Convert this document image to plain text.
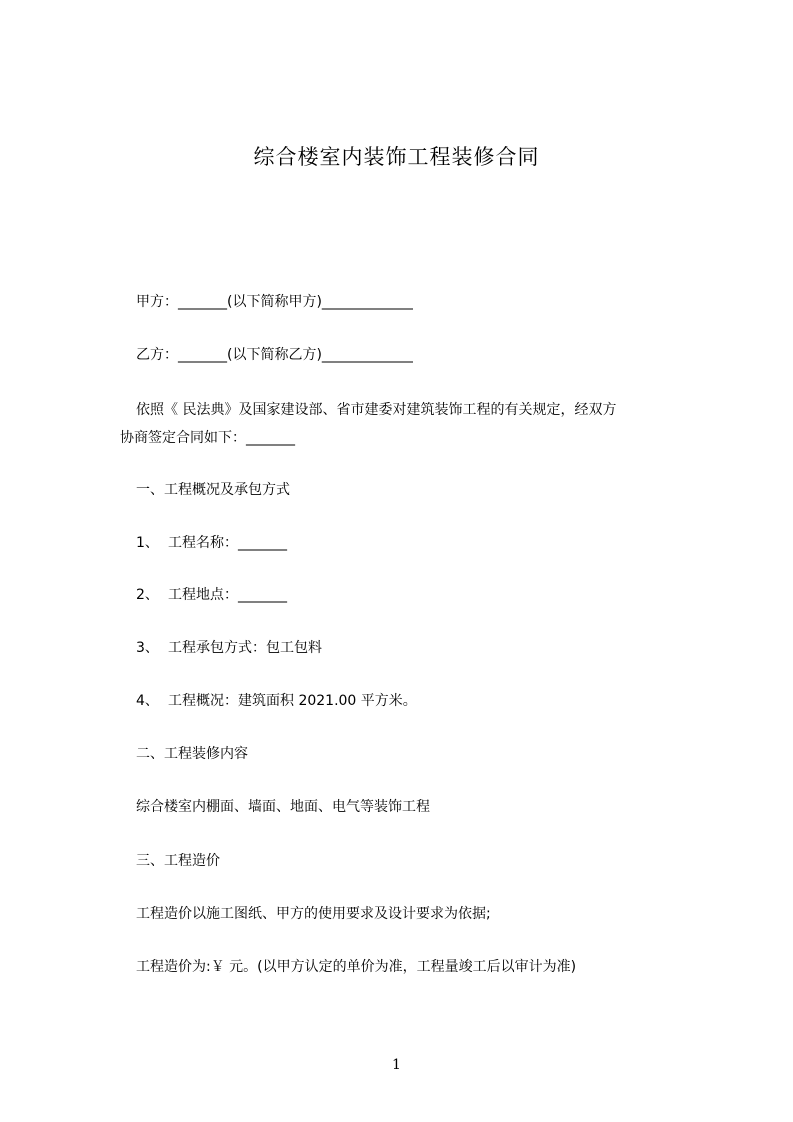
综合楼室内装饰工程装修合同
甲方：_______(以下简称甲方)_____________
乙方：_______(以下简称乙方)_____________
依照《 民法典》及国家建设部、省市建委对建筑装饰工程的有关规定，经双方
协商签定合同如下：_______
一、工程概况及承包方式
1、 工程名称：_______
2、 工程地点：_______
3、 工程承包方式：包工包料
4、 工程概况：建筑面积 2021.00 平方米。
二、工程装修内容
综合楼室内棚面、墙面、地面、电气等装饰工程
三、工程造价
工程造价以施工图纸、甲方的使用要求及设计要求为依据;
工程造价为:￥ 元。(以甲方认定的单价为准，工程量竣工后以审计为准)
1
